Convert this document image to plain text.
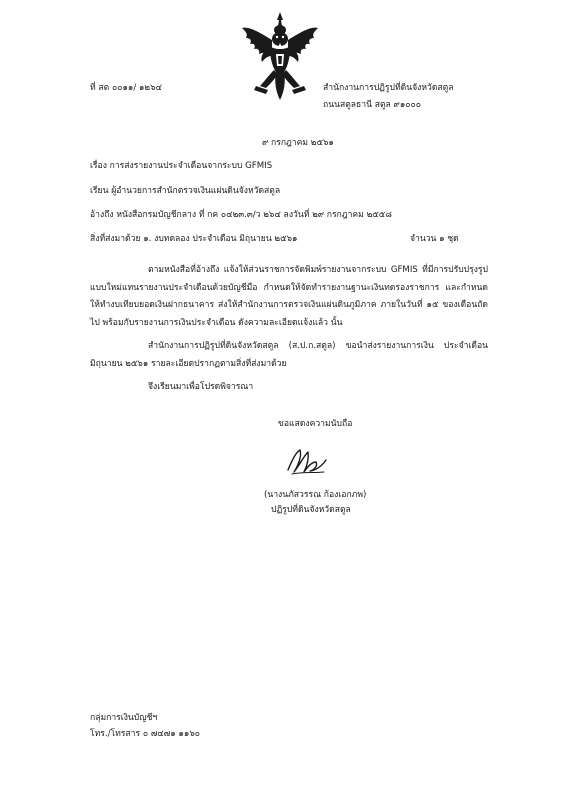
ที่ สต ๐๐๑๑/ ๑๒๖๔	สำนักงานการปฏิรูปที่ดินจังหวัดสตูล
ถนนสตูลธานี สตูล ๙๑๐๐๐
๙ กรกฎาคม ๒๕๖๑
เรื่อง การส่งรายงานประจำเดือนจากระบบ GFMIS
เรียน ผู้อำนวยการสำนักตรวจเงินแผ่นดินจังหวัดสตูล
อ้างถึง หนังสือกรมบัญชีกลาง ที่ กค ๐๔๒๓.๓/ว ๒๖๔ ลงวันที่ ๒๙ กรกฎาคม ๒๕๕๘
สิ่งที่ส่งมาด้วย ๑. งบทดลอง ประจำเดือน มิถุนายน ๒๕๖๑	จำนวน ๑ ชุด
ตามหนังสือที่อ้างถึง แจ้งให้ส่วนราชการจัดพิมพ์รายงานจากระบบ GFMIS ที่มีการปรับปรุงรูปแบบใหม่แทนรายงานประจำเดือนด้วยบัญชีมือ กำหนดให้จัดทำรายงานฐานะเงินทดรองราชการ และกำหนดให้ทำงบเทียบยอดเงินฝากธนาคาร ส่งให้สำนักงานการตรวจเงินแผ่นดินภูมิภาค ภายในวันที่ ๑๕ ของเดือนถัดไป พร้อมกับรายงานการเงินประจำเดือน ดังความละเอียดแจ้งแล้ว นั้น
สำนักงานการปฏิรูปที่ดินจังหวัดสตูล (ส.ป.ก.สตูล) ขอนำส่งรายงานการเงิน ประจำเดือนมิถุนายน ๒๕๖๑ รายละเอียดปรากฏตามสิ่งที่ส่งมาด้วย
จึงเรียนมาเพื่อโปรดพิจารณา
ขอแสดงความนับถือ
(นางนภัสวรรณ ก้องเอกภพ)
ปฏิรูปที่ดินจังหวัดสตูล
กลุ่มการเงินบัญชีฯ
โทร./โทรสาร ๐ ๗๔๗๑ ๑๑๖๐
